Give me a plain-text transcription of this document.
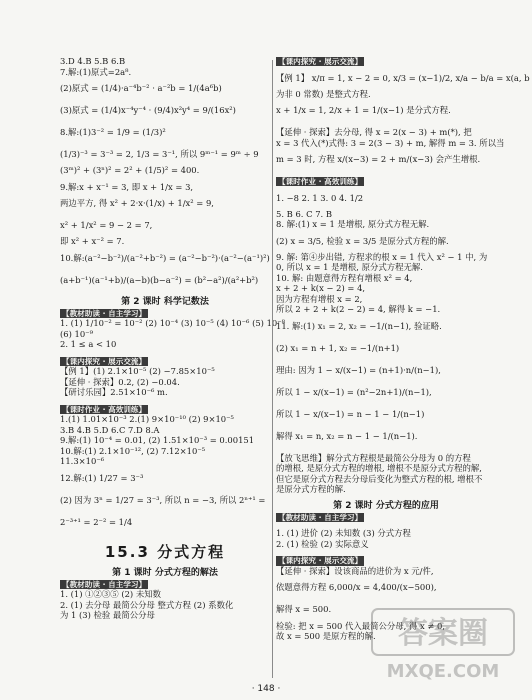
3.D 4.B 5.B 6.B
7.解:(1)原式=2a⁸.
(2)原式 = (1/4)·a⁻⁴b⁻² · a⁻²b = 1/(4a⁶b)
(3)原式 = (1/4)x⁻⁴y⁻⁴ · (9/4)x²y⁴ = 9/(16x²)
8.解:(1)3⁻² = 1/9 = (1/3)²
(1/3)⁻³ = 3⁻³ = 2, 1/3 = 3⁻¹, 所以 9ᵐ⁻¹ = 9ᵐ ÷ 9
(3ᵐ)² + (3ⁿ)² = 2² + (1/5)² = 400.
9.解:x + x⁻¹ = 3, 即 x + 1/x = 3,
两边平方, 得 x² + 2·x·(1/x) + 1/x² = 9,
x² + 1/x² = 9 − 2 = 7,
即 x² + x⁻² = 7.
10.解:(a⁻²−b⁻²)/(a⁻²+b⁻²) = (a⁻²−b⁻²)·(a⁻²−(a⁻¹)²)
(a+b⁻¹)(a⁻¹+b)/(a−b)(b−a⁻²) = (b²−a²)/(a²+b²)
第 2 课时 科学记数法
【教材助读 · 自主学习】
1. (1) 1/10⁻² = 10⁻² (2) 10⁻⁴ (3) 10⁻⁵ (4) 10⁻⁶ (5) 10⁻⁸
(6) 10⁻⁹
2. 1 ≤ a < 10
【课内探究 · 展示交流】
【例 1】(1) 2.1×10⁻⁵ (2) −7.85×10⁻⁵
【延伸 · 探索】0.2, (2) −0.04.
【研讨乐园】2.51×10⁻⁶ m.
【课时作业 · 高效训练】
1.(1) 1.01×10⁻³ 2.(1) 9×10⁻¹⁰ (2) 9×10⁻⁵
3.B 4.B 5.D 6.C 7.D 8.A
9.解:(1) 10⁻⁴ = 0.01, (2) 1.51×10⁻³ = 0.00151
10.解:(1) 2.1×10⁻¹², (2) 7.12×10⁻⁵
11.3×10⁻⁶
12.解:(1) 1/27 = 3⁻³
(2) 因为 3ⁿ = 1/27 = 3⁻³, 所以 n = −3, 所以 2ⁿ⁺¹ =
2⁻³⁺¹ = 2⁻² = 1/4
15.3 分式方程
第 1 课时 分式方程的解法
【教材助读 · 自主学习】
1. (1) ①②③⑤ (2) 未知数
2. (1) 去分母 最简公分母 整式方程 (2) 系数化
为 1 (3) 检验 最简公分母
【课内探究 · 展示交流】
【例 1】 x/π = 1, x − 2 = 0, x/3 = (x−1)/2, x/a − b/a = x(a, b
为非 0 常数) 是整式方程.
x + 1/x = 1, 2/x + 1 = 1/(x−1) 是分式方程.
【延伸 · 探索】去分母, 得 x = 2(x − 3) + m(*), 把
x = 3 代入(*)式得: 3 = 2(3 − 3) + m, 解得 m = 3. 所以当
m = 3 时, 方程 x/(x−3) = 2 + m/(x−3) 会产生增根.
【课时作业 · 高效训练】
1. −8 2. 1 3. 0 4. 1/2
5. B 6. C 7. B
8. 解:(1) x = 1 是增根, 原分式方程无解.
(2) x = 3/5, 检验 x = 3/5 是原分式方程的解.
9. 解: 第④步出错, 方程求的根 x = 1 代入 x² − 1 中, 为
0, 所以 x = 1 是增根, 原分式方程无解.
10. 解: 由题意得方程有增根 x² = 4,
x + 2 + k(x − 2) = 4,
因为方程有增根 x = 2,
所以 2 + 2 + k(2 − 2) = 4, 解得 k = −1.
11. 解:(1) x₁ = 2, x₂ = −1/(n−1), 验证略.
(2) x₁ = n + 1, x₂ = −1/(n+1)
理由: 因为 1 − x/(x−1) = (n+1)·n/(n−1),
所以 1 − x/(x−1) = (n²−2n+1)/(n−1),
所以 1 − x/(x−1) = n − 1 − 1/(n−1)
解得 x₁ = n, x₂ = n − 1 − 1/(n−1).
【放飞思维】解分式方程根是最简公分母为 0 的方程
的增根, 是原分式方程的增根, 增根不是原分式方程的解,
但它是原分式方程去分母后变化为整式方程的根, 增根不
是原分式方程的解.
第 2 课时 分式方程的应用
【教材助读 · 自主学习】
1. (1) 进价 (2) 未知数 (3) 分式方程
2. (1) 检验 (2) 实际意义
【课内探究 · 展示交流】
【延伸 · 探索】设该商品的进价为 x 元/件,
依题意得方程 6,000/x = 4,400/(x−500),
解得 x = 500.
检验: 把 x = 500 代入最简公分母, 得 x ≠ 0,
故 x = 500 是原方程的解. 答案圈
MXQE.COM
· 148 ·
